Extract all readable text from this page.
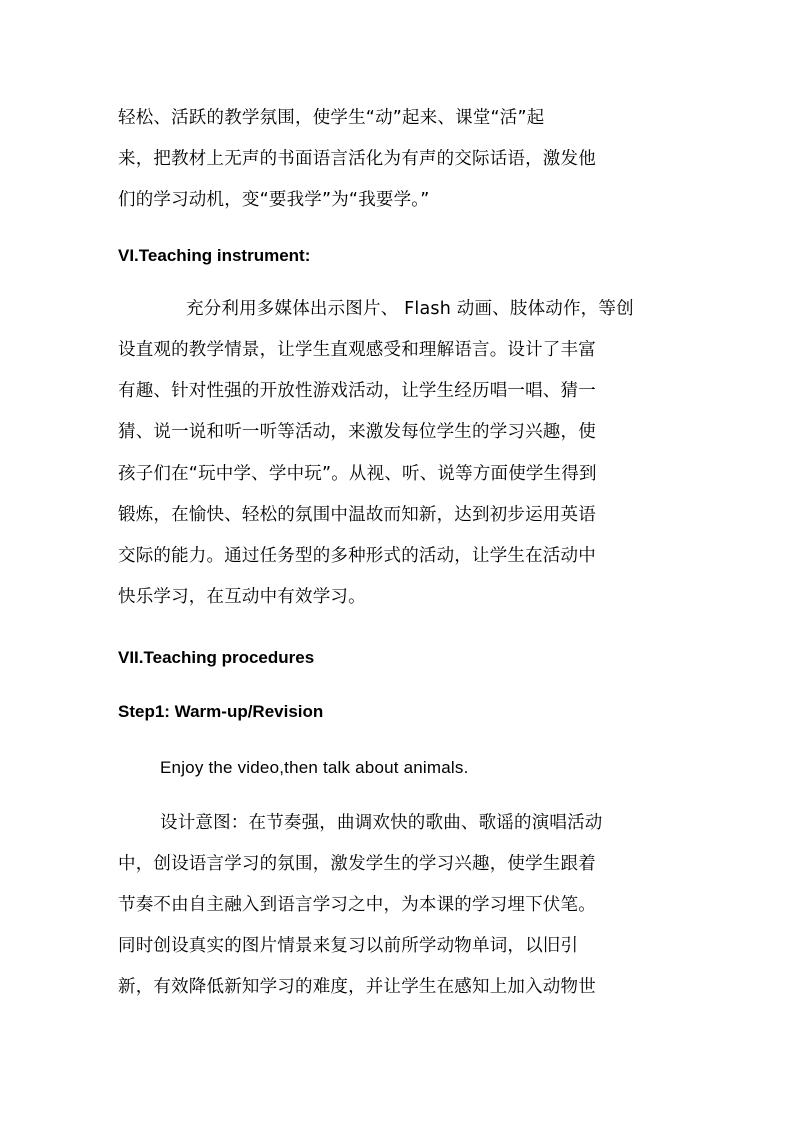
轻松、活跃的教学氛围，使学生“动”起来、课堂“活”起
来，把教材上无声的书面语言活化为有声的交际话语，激发他
们的学习动机，变“要我学”为“我要学。”
VI.Teaching instrument:
充分利用多媒体出示图片、 Flash 动画、肢体动作，等创
设直观的教学情景，让学生直观感受和理解语言。设计了丰富
有趣、针对性强的开放性游戏活动，让学生经历唱一唱、猜一
猜、说一说和听一听等活动，来激发每位学生的学习兴趣，使
孩子们在“玩中学、学中玩”。从视、听、说等方面使学生得到
锻炼，在愉快、轻松的氛围中温故而知新，达到初步运用英语
交际的能力。通过任务型的多种形式的活动，让学生在活动中
快乐学习，在互动中有效学习。
VII.Teaching procedures
Step1: Warm-up/Revision
Enjoy the video,then talk about animals.
设计意图：在节奏强，曲调欢快的歌曲、歌谣的演唱活动
中，创设语言学习的氛围，激发学生的学习兴趣，使学生跟着
节奏不由自主融入到语言学习之中，为本课的学习埋下伏笔。
同时创设真实的图片情景来复习以前所学动物单词，以旧引
新，有效降低新知学习的难度，并让学生在感知上加入动物世
